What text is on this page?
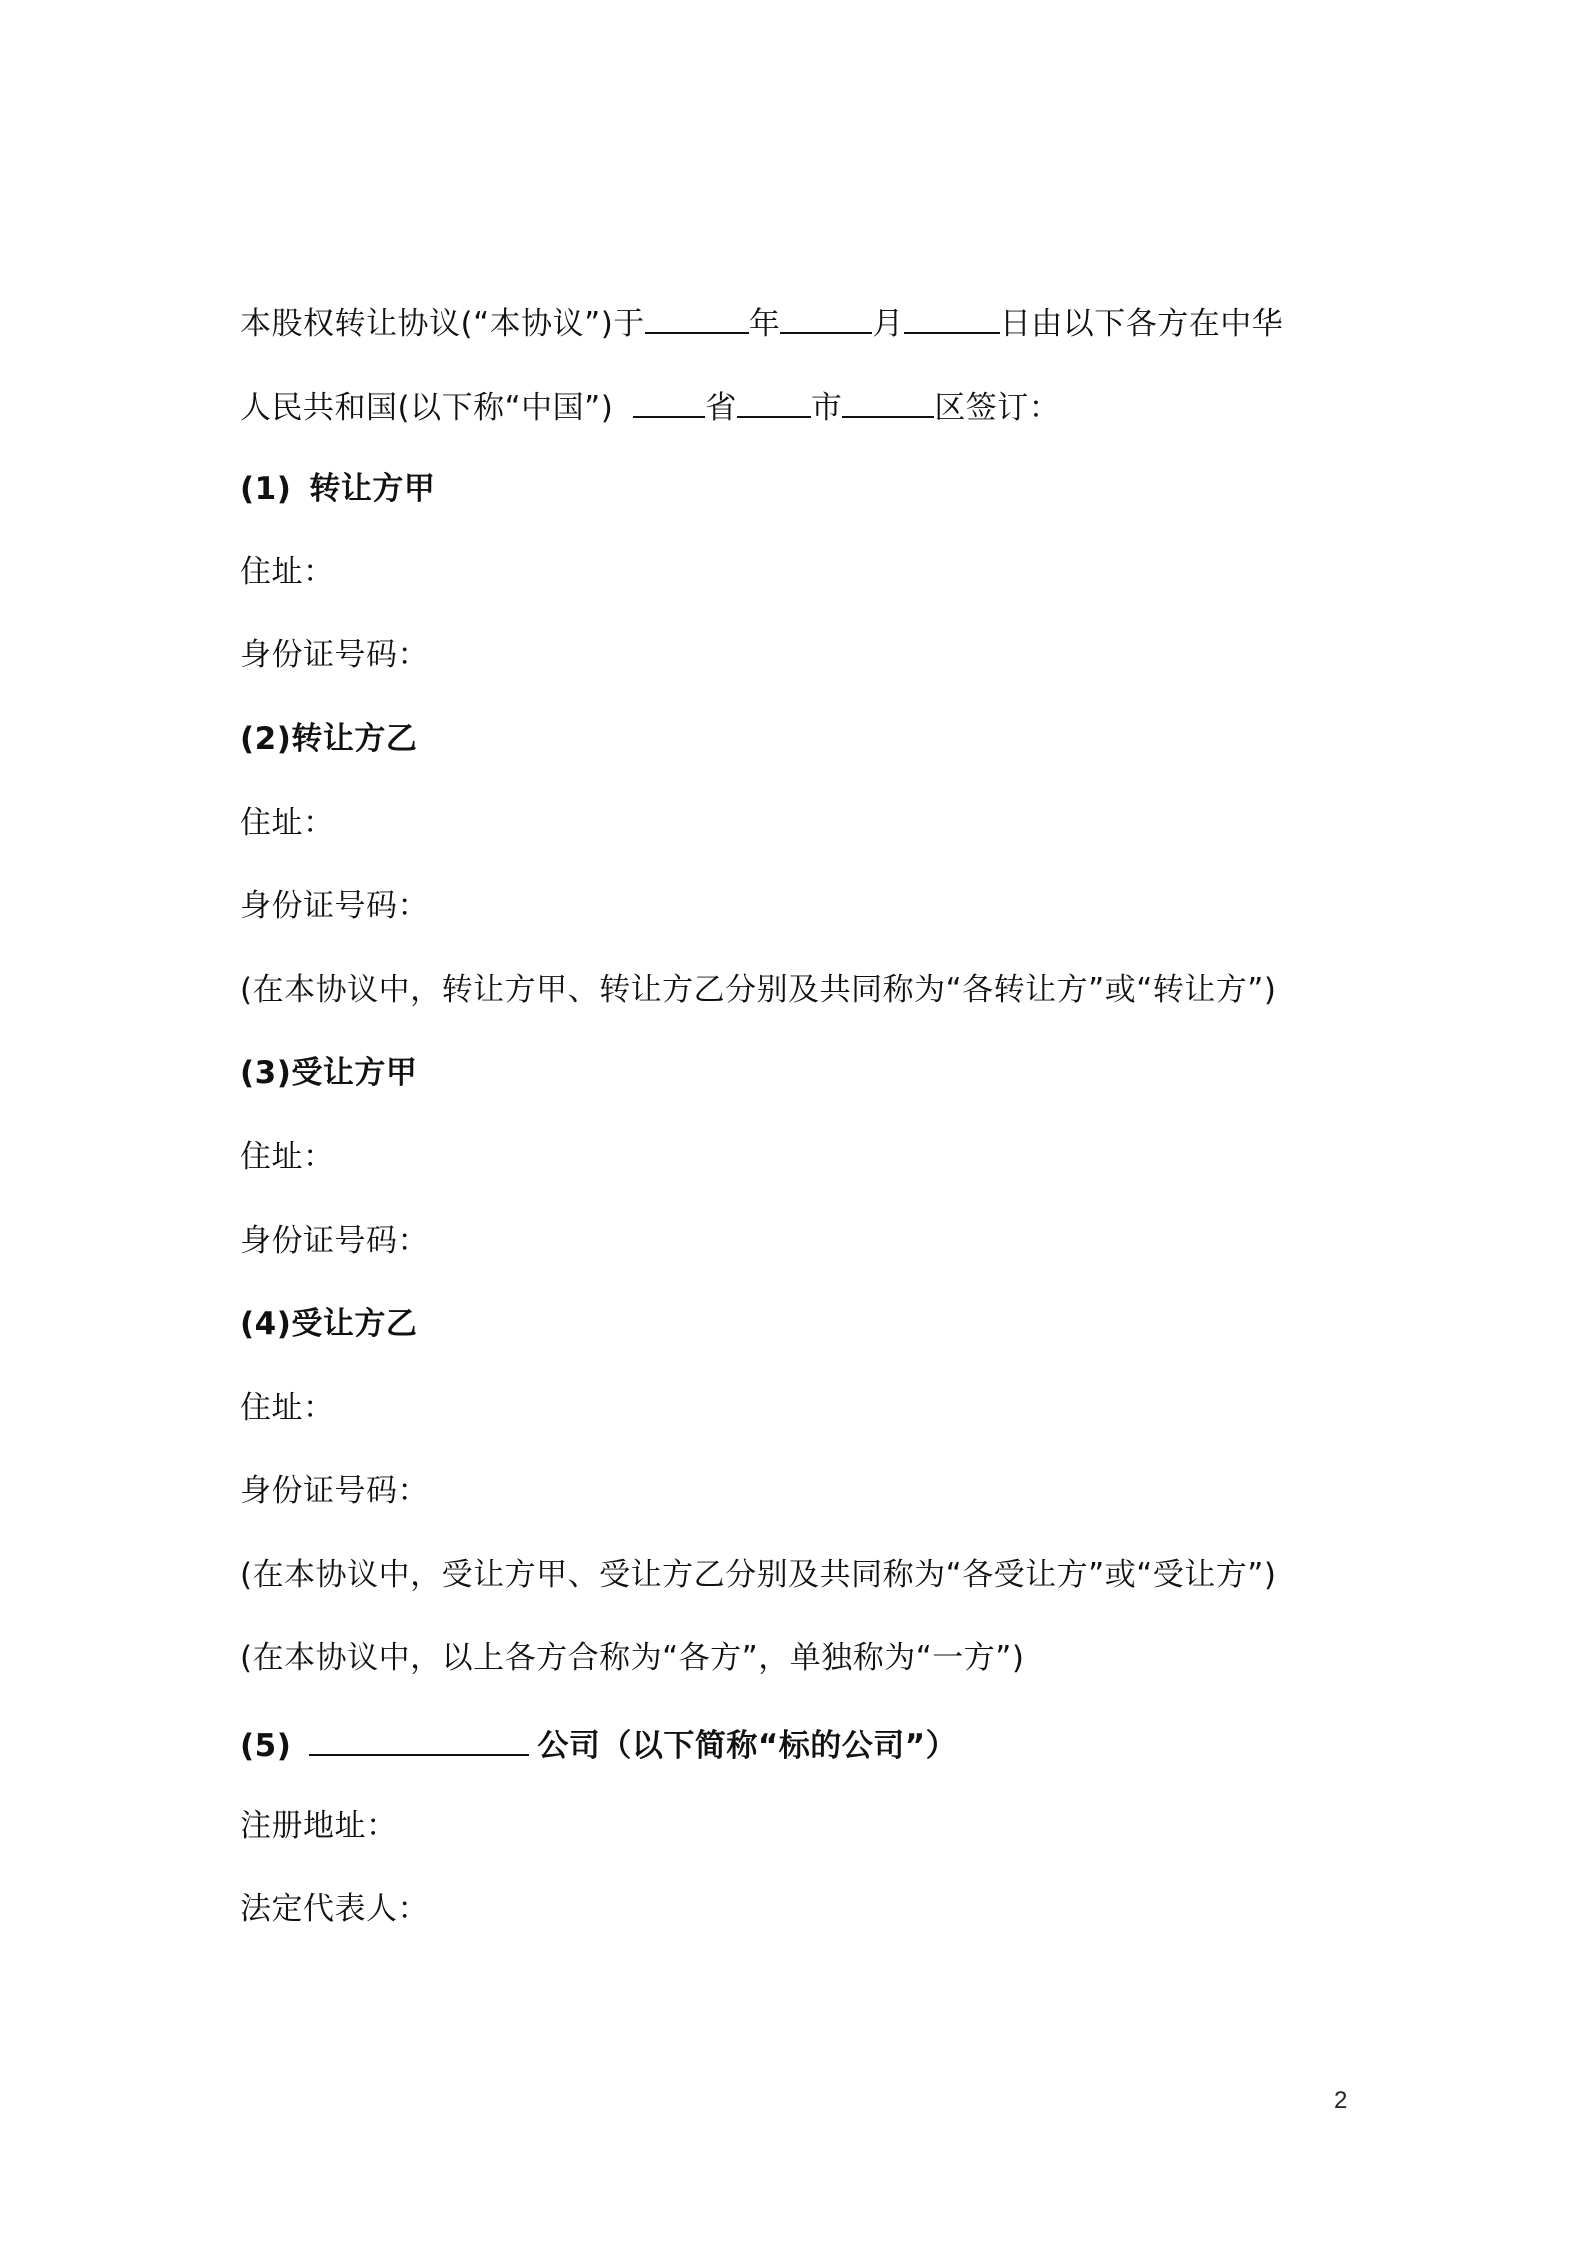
本股权转让协议(“本协议”)于	年	月	日由以下各方在中华
人民共和国(以下称“中国”)	省 市	区签订：
(1) 转让方甲
住址：
身份证号码：
(2)转让方乙
住址：
身份证号码：
(在本协议中，转让方甲、转让方乙分别及共同称为“各转让方”或“转让方”)
(3)受让方甲
住址：
身份证号码：
(4)受让方乙
住址：
身份证号码：
(在本协议中，受让方甲、受让方乙分别及共同称为“各受让方”或“受让方”)
(在本协议中，以上各方合称为“各方”，单独称为“一方”)
(5)	公司（以下简称“标的公司”）
注册地址：
法定代表人：
2
